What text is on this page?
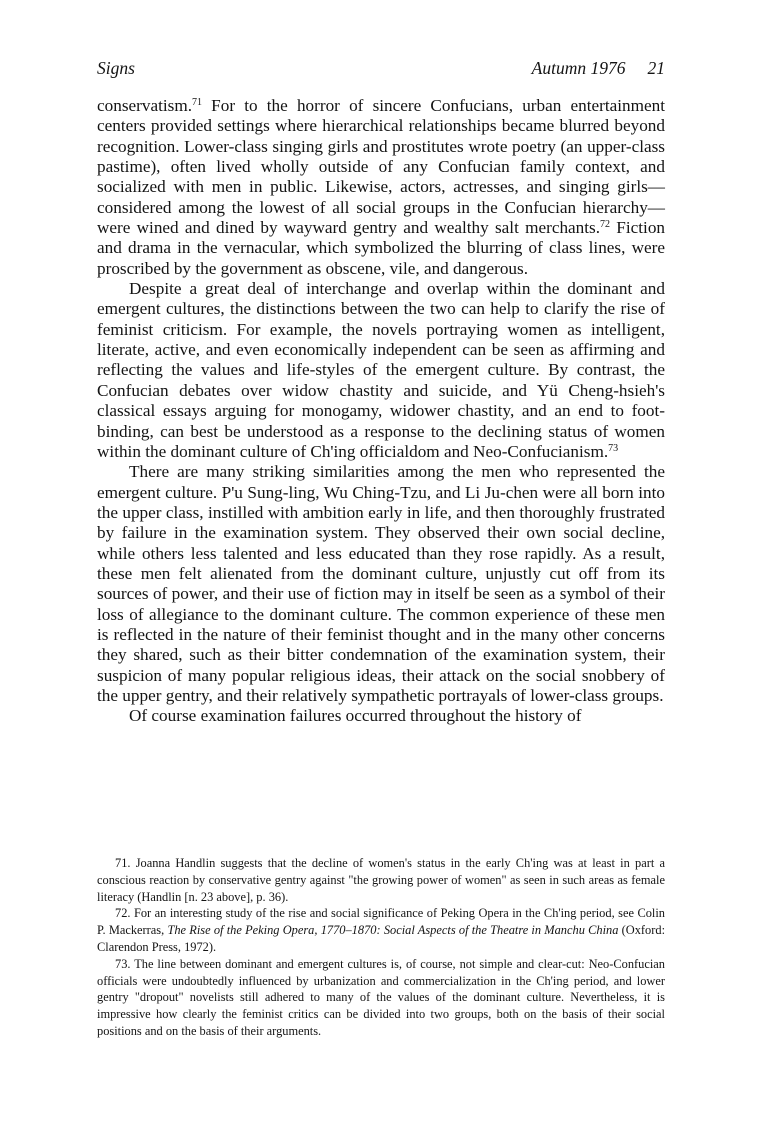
Signs	Autumn 1976 21

conservatism.$^{71}$ For to the horror of sincere Confucians, urban entertainment centers provided settings where hierarchical relationships became blurred beyond recognition. Lower-class singing girls and prostitutes wrote poetry (an upper-class pastime), often lived wholly outside of any Confucian family context, and socialized with men in public. Likewise, actors, actresses, and singing girls—considered among the lowest of all social groups in the Confucian hierarchy—were wined and dined by wayward gentry and wealthy salt merchants.$^{72}$ Fiction and drama in the vernacular, which symbolized the blurring of class lines, were proscribed by the government as obscene, vile, and dangerous.

Despite a great deal of interchange and overlap within the dominant and emergent cultures, the distinctions between the two can help to clarify the rise of feminist criticism. For example, the novels portraying women as intelligent, literate, active, and even economically independent can be seen as affirming and reflecting the values and life-styles of the emergent culture. By contrast, the Confucian debates over widow chastity and suicide, and Yü Cheng-hsieh's classical essays arguing for monogamy, widower chastity, and an end to foot-binding, can best be understood as a response to the declining status of women within the dominant culture of Ch'ing officialdom and Neo-Confucianism.$^{73}$

There are many striking similarities among the men who represented the emergent culture. P'u Sung-ling, Wu Ching-Tzu, and Li Ju-chen were all born into the upper class, instilled with ambition early in life, and then thoroughly frustrated by failure in the examination system. They observed their own social decline, while others less talented and less educated than they rose rapidly. As a result, these men felt alienated from the dominant culture, unjustly cut off from its sources of power, and their use of fiction may in itself be seen as a symbol of their loss of allegiance to the dominant culture. The common experience of these men is reflected in the nature of their feminist thought and in the many other concerns they shared, such as their bitter condemnation of the examination system, their suspicion of many popular religious ideas, their attack on the social snobbery of the upper gentry, and their relatively sympathetic portrayals of lower-class groups.

Of course examination failures occurred throughout the history of

71. Joanna Handlin suggests that the decline of women's status in the early Ch'ing was at least in part a conscious reaction by conservative gentry against "the growing power of women" as seen in such areas as female literacy (Handlin [n. 23 above], p. 36).

72. For an interesting study of the rise and social significance of Peking Opera in the Ch'ing period, see Colin P. Mackerras, The Rise of the Peking Opera, 1770–1870: Social Aspects of the Theatre in Manchu China (Oxford: Clarendon Press, 1972).

73. The line between dominant and emergent cultures is, of course, not simple and clear-cut: Neo-Confucian officials were undoubtedly influenced by urbanization and commercialization in the Ch'ing period, and lower gentry "dropout" novelists still adhered to many of the values of the dominant culture. Nevertheless, it is impressive how clearly the feminist critics can be divided into two groups, both on the basis of their social positions and on the basis of their arguments.
